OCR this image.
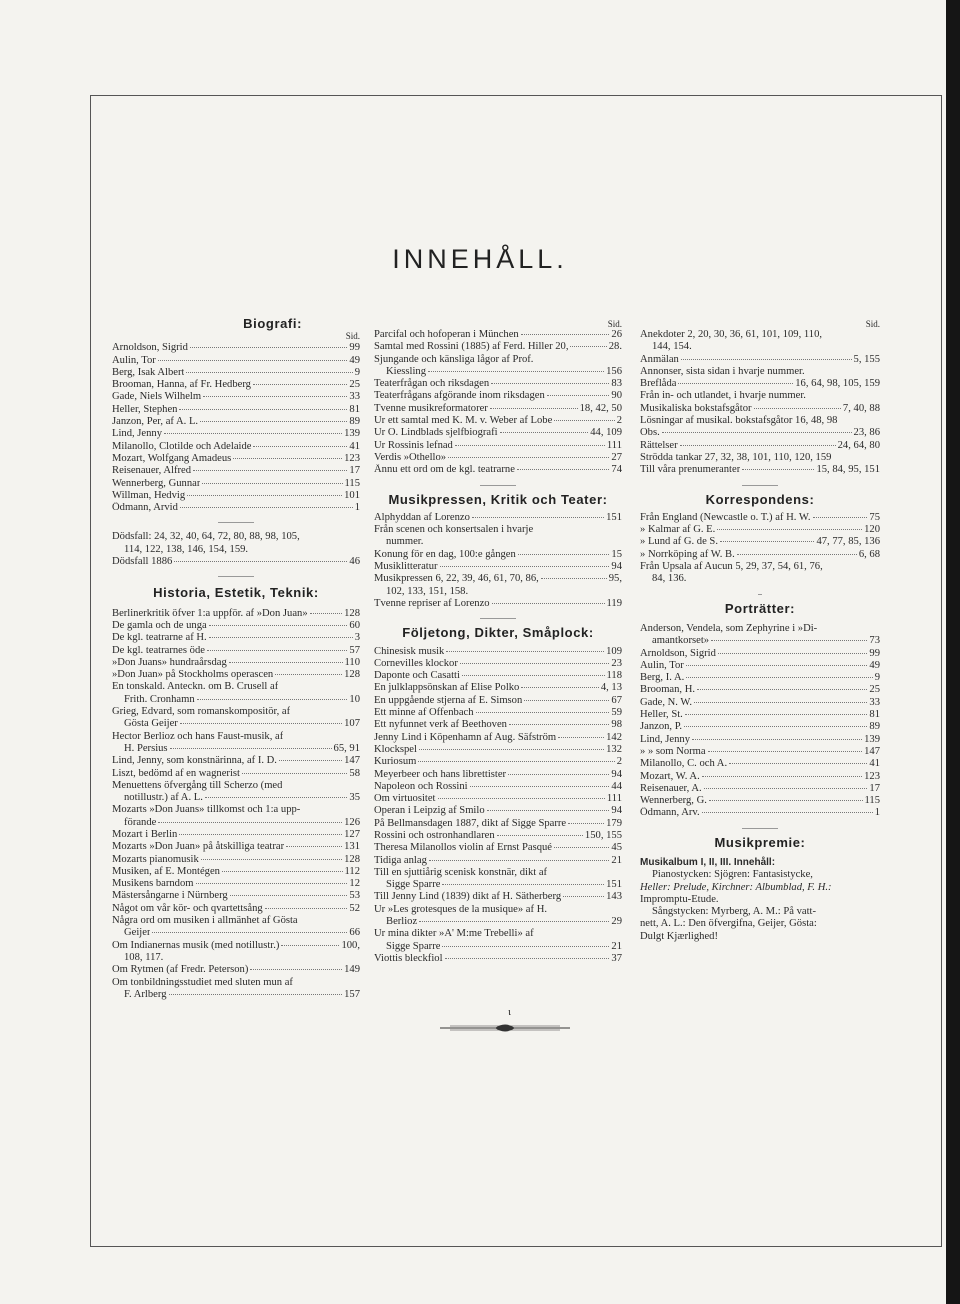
INNEHÅLL.
Biografi:
Sid.
Arnoldson, Sigrid	99
Aulin, Tor	49
Berg, Isak Albert	9
Brooman, Hanna, af Fr. Hedberg	25
Gade, Niels Wilhelm	33
Heller, Stephen	81
Janzon, Per, af A. L.	89
Lind, Jenny	139
Milanollo, Clotilde och Adelaide	41
Mozart, Wolfgang Amadeus	123
Reisenauer, Alfred	17
Wennerberg, Gunnar	115
Willman, Hedvig	101
Ödmann, Arvid	1
Dödsfall: 24, 32, 40, 64, 72, 80, 88, 98, 105,
114, 122, 138, 146, 154, 159.
Dödsfall 1886	46
Historia, Estetik, Teknik:
Berlinerkritik öfver 1:a uppför. af »Don Juan»	128
De gamla och de unga	60
De kgl. teatrarne af H.	3
De kgl. teatrarnes öde	57
»Don Juans» hundraårsdag	110
»Don Juan» på Stockholms operascen	128
En tonskald. Anteckn. om B. Crusell af
Frith. Cronhamn	10
Grieg, Edvard, som romanskompositör, af
Gösta Geijer	107
Hector Berlioz och hans Faust-musik, af
H. Persius	65, 91
Lind, Jenny, som konstnärinna, af I. D.	147
Liszt, bedömd af en wagnerist	58
Menuettens öfvergång till Scherzo (med
notillustr.) af A. L.	35
Mozarts »Don Juans» tillkomst och 1:a upp-
förande	126
Mozart i Berlin	127
Mozarts »Don Juan» på åtskilliga teatrar	131
Mozarts pianomusik	128
Musiken, af E. Montégen	112
Musikens barndom	12
Mästersångarne i Nürnberg	53
Något om vår kör- och qvartettsång	52
Några ord om musiken i allmänhet af Gösta
Geijer	66
Om Indianernas musik (med notillustr.)	100,
108, 117.
Om Rytmen (af Fredr. Peterson)	149
Om tonbildningsstudiet med sluten mun af
F. Arlberg	157
Sid.
Parcifal och hofoperan i München	26
Samtal med Rossini (1885) af Ferd. Hiller 20,	28.
Sjungande och känsliga lågor af Prof.
Kiessling	156
Teaterfrågan och riksdagen	83
Teaterfrågans afgörande inom riksdagen	90
Tvenne musikreformatorer	18, 42, 50
Ur ett samtal med K. M. v. Weber af Lobe	2
Ur O. Lindblads sjelfbiografi	44, 109
Ur Rossinis lefnad	111
Verdis »Othello»	27
Ännu ett ord om de kgl. teatrarne	74
Musikpressen, Kritik och Teater:
Alphyddan af Lorenzo	151
Från scenen och konsertsalen i hvarje
nummer.
Konung för en dag, 100:e gången	15
Musiklitteratur	94
Musikpressen 6, 22, 39, 46, 61, 70, 86,	95,
102, 133, 151, 158.
Tvenne repriser af Lorenzo	119
Följetong, Dikter, Småplock:
Chinesisk musik	109
Cornevilles klockor	23
Daponte och Casatti	118
En julklappsönskan af Elise Polko	4, 13
En uppgående stjerna af E. Simson	67
Ett minne af Offenbach	59
Ett nyfunnet verk af Beethoven	98
Jenny Lind i Köpenhamn af Aug. Säfström	142
Klockspel	132
Kuriosum	2
Meyerbeer och hans librettister	94
Napoleon och Rossini	44
Om virtuositet	111
Operan i Leipzig af Smilo	94
På Bellmansdagen 1887, dikt af Sigge Sparre	179
Rossini och ostronhandlaren	150, 155
Theresa Milanollos violin af Ernst Pasqué	45
Tidiga anlag	21
Till en sjuttiårig scenisk konstnär, dikt af
Sigge Sparre	151
Till Jenny Lind (1839) dikt af H. Sätherberg	143
Ur »Les grotesques de la musique» af H.
Berlioz	29
Ur mina dikter »A' M:me Trebelli» af
Sigge Sparre	21
Viottis bleckfiol	37
Sid.
Anekdoter 2, 20, 30, 36, 61, 101, 109, 110,
144, 154.
Anmälan	5, 155
Annonser, sista sidan i hvarje nummer.
Breflåda	16, 64, 98, 105, 159
Från in- och utlandet, i hvarje nummer.
Musikaliska bokstafsgåtor	7, 40, 88
Lösningar af musikal. bokstafsgåtor 16, 48, 98
Obs.	23, 86
Rättelser	24, 64, 80
Strödda tankar 27, 32, 38, 101, 110, 120, 159
Till våra prenumeranter	15, 84, 95, 151
Korrespondens:
Från England (Newcastle o. T.) af H. W.	75
» Kalmar af G. E.	120
» Lund af G. de S.	47, 77, 85, 136
» Norrköping af W. B.	6, 68
Från Upsala af Aucun 5, 29, 37, 54, 61, 76,
84, 136.
Porträtter:
Anderson, Vendela, som Zephyrine i »Di-
amantkorset»	73
Arnoldson, Sigrid	99
Aulin, Tor	49
Berg, I. A.	9
Brooman, H.	25
Gade, N. W.	33
Heller, St.	81
Janzon, P.	89
Lind, Jenny	139
» » som Norma	147
Milanollo, C. och A.	41
Mozart, W. A.	123
Reisenauer, A.	17
Wennerberg, G.	115
Ödmann, Arv.	1
Musikpremie:
Musikalbum I, II, III. Innehåll:
Pianostycken: Sjögren: Fantasistycke,
Heller: Prelude, Kirchner: Albumblad, F. H.:
Impromptu-Etude.
Sångstycken: Myrberg, A. M.: På vatt-
nett, A. L.: Den öfvergifna, Geijer, Gösta:
Dulgt Kjærlighed!
ι
